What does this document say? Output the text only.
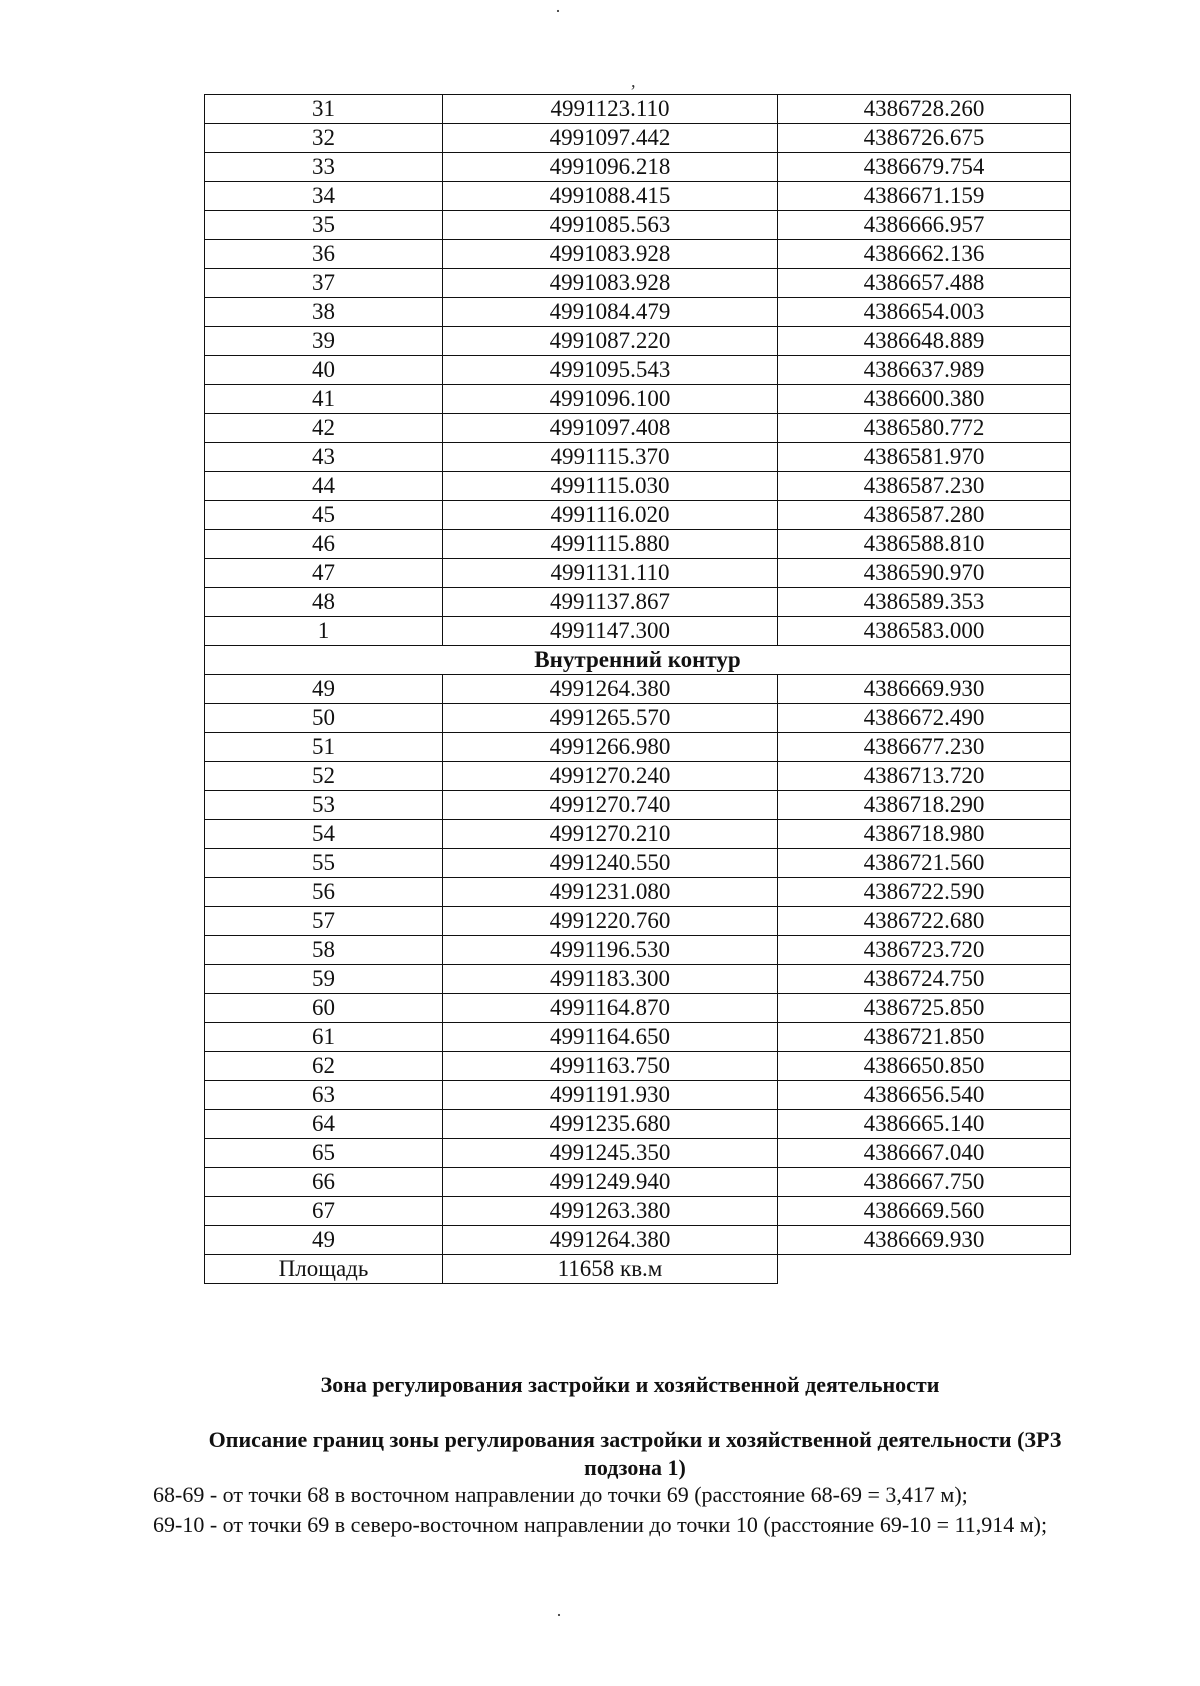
·
,
31	4991123.110	4386728.260
32	4991097.442	4386726.675
33	4991096.218	4386679.754
34	4991088.415	4386671.159
35	4991085.563	4386666.957
36	4991083.928	4386662.136
37	4991083.928	4386657.488
38	4991084.479	4386654.003
39	4991087.220	4386648.889
40	4991095.543	4386637.989
41	4991096.100	4386600.380
42	4991097.408	4386580.772
43	4991115.370	4386581.970
44	4991115.030	4386587.230
45	4991116.020	4386587.280
46	4991115.880	4386588.810
47	4991131.110	4386590.970
48	4991137.867	4386589.353
1	4991147.300	4386583.000
Внутренний контур		
49	4991264.380	4386669.930
50	4991265.570	4386672.490
51	4991266.980	4386677.230
52	4991270.240	4386713.720
53	4991270.740	4386718.290
54	4991270.210	4386718.980
55	4991240.550	4386721.560
56	4991231.080	4386722.590
57	4991220.760	4386722.680
58	4991196.530	4386723.720
59	4991183.300	4386724.750
60	4991164.870	4386725.850
61	4991164.650	4386721.850
62	4991163.750	4386650.850
63	4991191.930	4386656.540
64	4991235.680	4386665.140
65	4991245.350	4386667.040
66	4991249.940	4386667.750
67	4991263.380	4386669.560
49	4991264.380	4386669.930
Площадь	11658 кв.м	
Зона регулирования застройки и хозяйственной деятельности
Описание границ зоны регулирования застройки и хозяйственной деятельности (ЗРЗ
подзона 1)

68-69 - от точки 68 в восточном направлении до точки 69 (расстояние 68-69 = 3,417 м);

69-10 - от точки 69 в северо-восточном направлении до точки 10 (расстояние 69-10 = 11,914 м);

·
